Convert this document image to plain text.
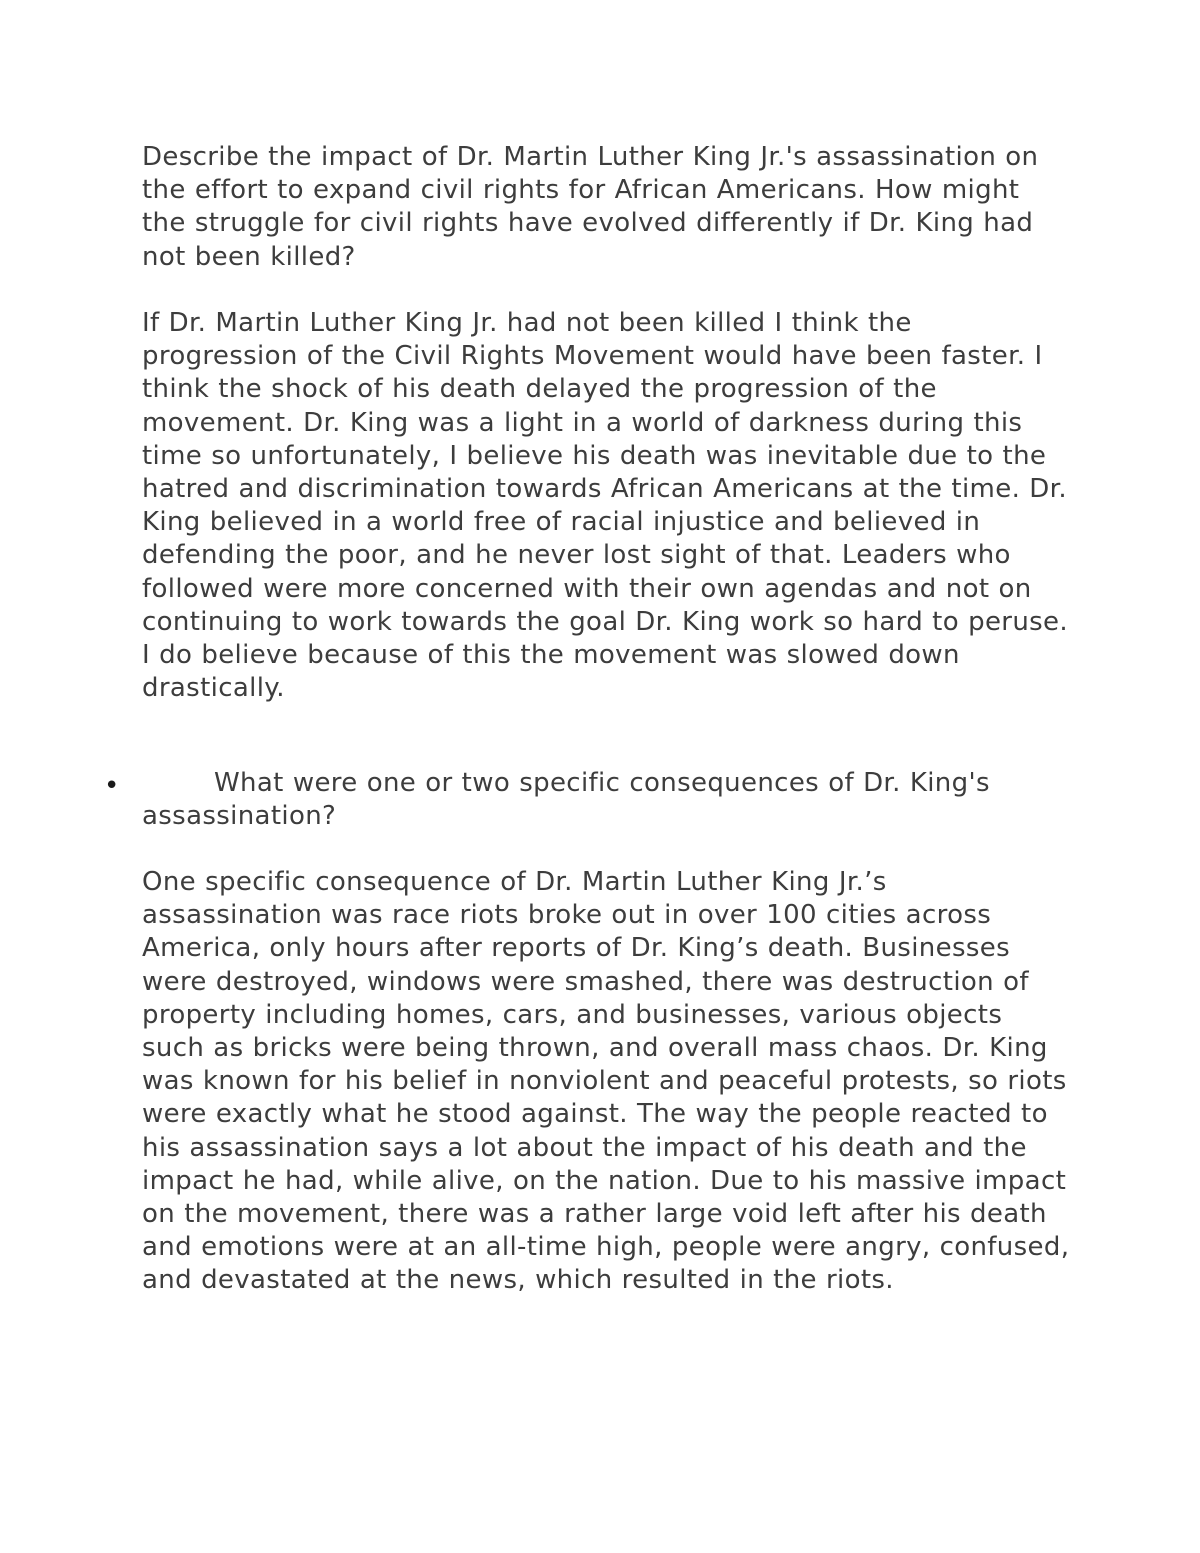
Describe the impact of Dr. Martin Luther King Jr.'s assassination on the effort to expand civil rights for African Americans. How might the struggle for civil rights have evolved differently if Dr. King had not been killed?

If Dr. Martin Luther King Jr. had not been killed I think the progression of the Civil Rights Movement would have been faster. I think the shock of his death delayed the progression of the movement. Dr. King was a light in a world of darkness during this time so unfortunately, I believe his death was inevitable due to the hatred and discrimination towards African Americans at the time. Dr. King believed in a world free of racial injustice and believed in defending the poor, and he never lost sight of that. Leaders who followed were more concerned with their own agendas and not on continuing to work towards the goal Dr. King work so hard to peruse. I do believe because of this the movement was slowed down drastically.

•	What were one or two specific consequences of Dr. King's assassination?

One specific consequence of Dr. Martin Luther King Jr.’s assassination was race riots broke out in over 100 cities across America, only hours after reports of Dr. King’s death. Businesses were destroyed, windows were smashed, there was destruction of property including homes, cars, and businesses, various objects such as bricks were being thrown, and overall mass chaos. Dr. King was known for his belief in nonviolent and peaceful protests, so riots were exactly what he stood against. The way the people reacted to his assassination says a lot about the impact of his death and the impact he had, while alive, on the nation. Due to his massive impact on the movement, there was a rather large void left after his death and emotions were at an all-time high, people were angry, confused, and devastated at the news, which resulted in the riots.
